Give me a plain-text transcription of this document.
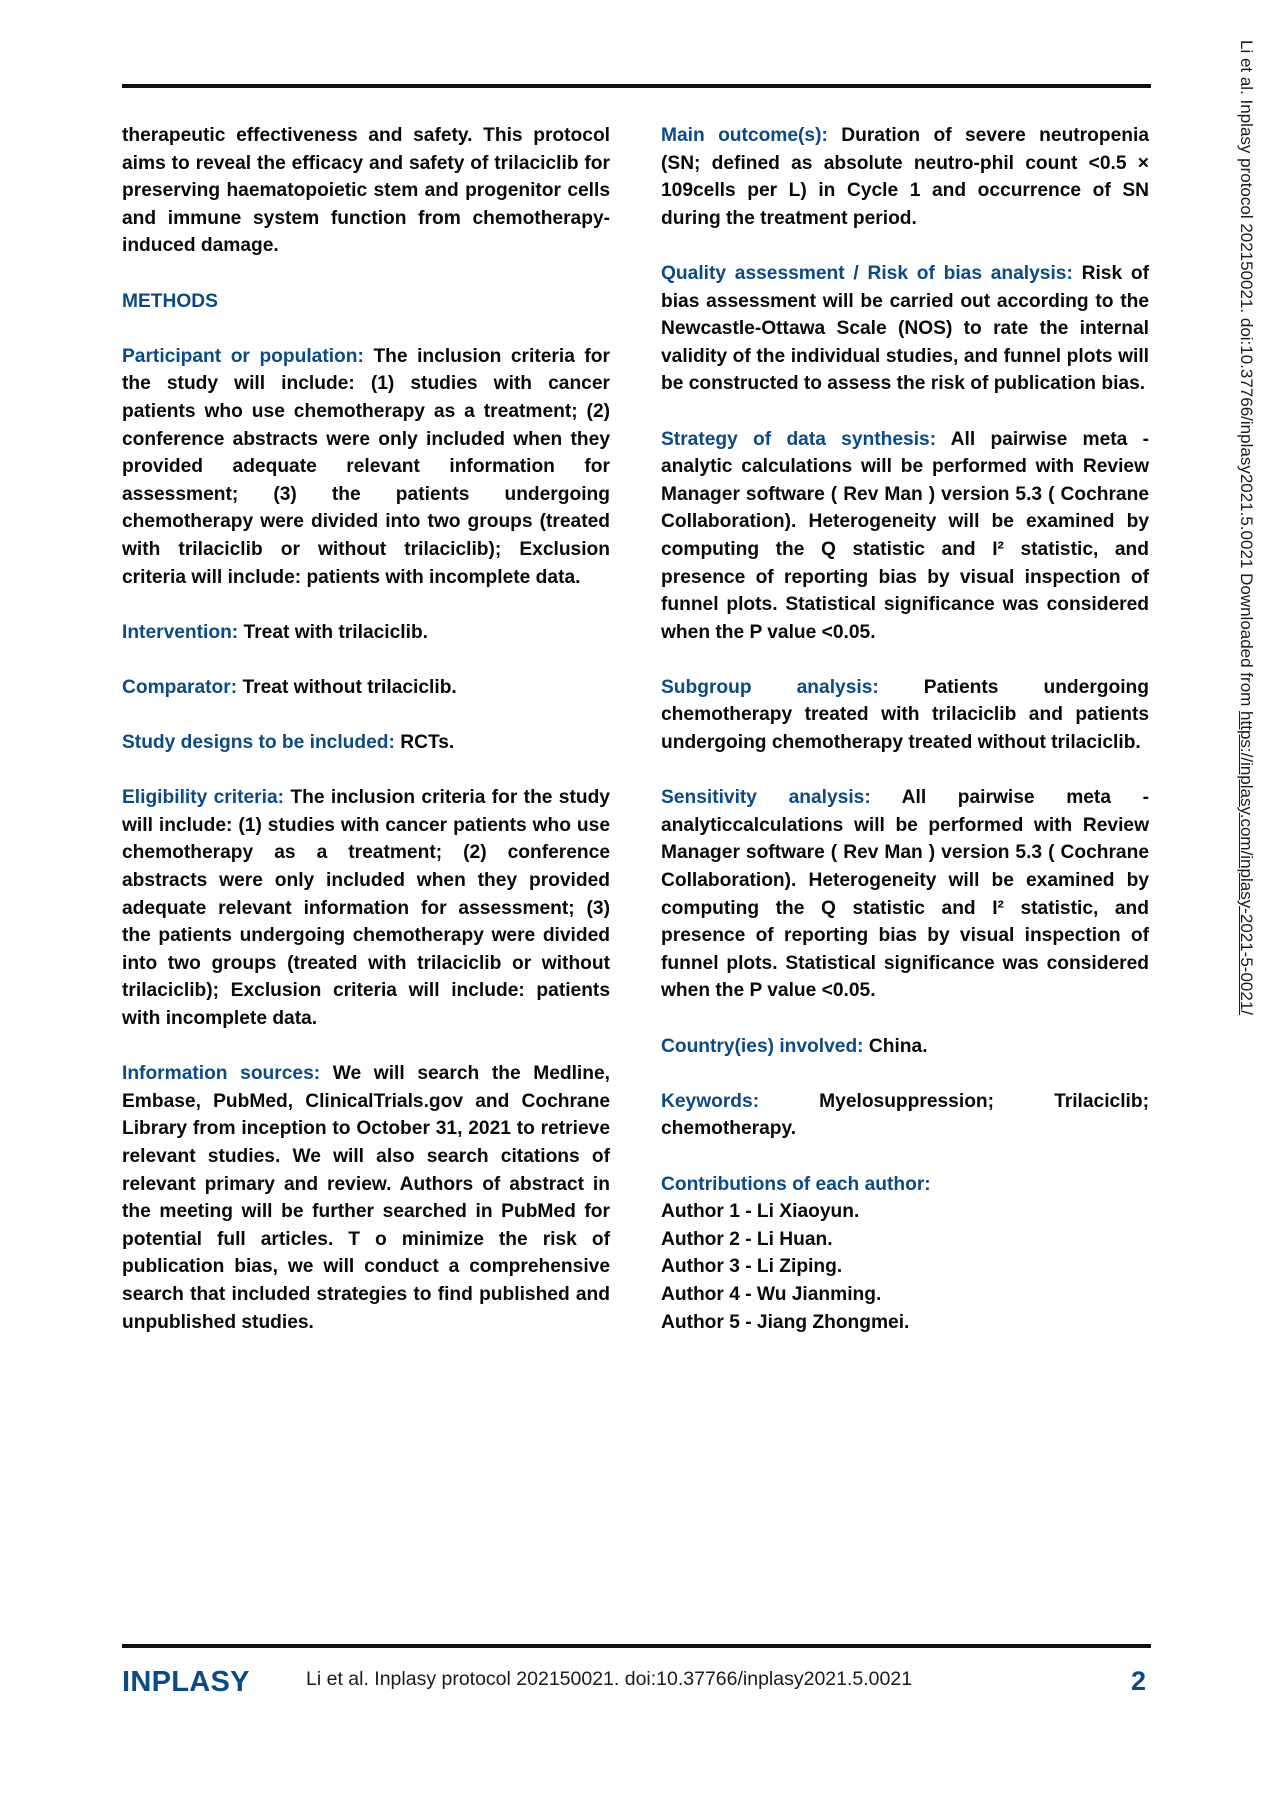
therapeutic effectiveness and safety. This protocol aims to reveal the efficacy and safety of trilaciclib for preserving haematopoietic stem and progenitor cells and immune system function from chemotherapy-induced damage.

METHODS

Participant or population: The inclusion criteria for the study will include: (1) studies with cancer patients who use chemotherapy as a treatment; (2) conference abstracts were only included when they provided adequate relevant information for assessment; (3) the patients undergoing chemotherapy were divided into two groups (treated with trilaciclib or without trilaciclib); Exclusion criteria will include: patients with incomplete data.

Intervention: Treat with trilaciclib.

Comparator: Treat without trilaciclib.

Study designs to be included: RCTs.

Eligibility criteria: The inclusion criteria for the study will include: (1) studies with cancer patients who use chemotherapy as a treatment; (2) conference abstracts were only included when they provided adequate relevant information for assessment; (3) the patients undergoing chemotherapy were divided into two groups (treated with trilaciclib or without trilaciclib); Exclusion criteria will include: patients with incomplete data.

Information sources: We will search the Medline, Embase, PubMed, ClinicalTrials.gov and Cochrane Library from inception to October 31, 2021 to retrieve relevant studies. We will also search citations of relevant primary and review. Authors of abstract in the meeting will be further searched in PubMed for potential full articles. T o minimize the risk of publication bias, we will conduct a comprehensive search that included strategies to find published and unpublished studies.

Main outcome(s): Duration of severe neutropenia (SN; defined as absolute neutro-phil count <0.5 × 109cells per L) in Cycle 1 and occurrence of SN during the treatment period.

Quality assessment / Risk of bias analysis: Risk of bias assessment will be carried out according to the Newcastle-Ottawa Scale (NOS) to rate the internal validity of the individual studies, and funnel plots will be constructed to assess the risk of publication bias.

Strategy of data synthesis: All pairwise meta - analytic calculations will be performed with Review Manager software ( Rev Man ) version 5.3 ( Cochrane Collaboration). Heterogeneity will be examined by computing the Q statistic and I² statistic, and presence of reporting bias by visual inspection of funnel plots. Statistical significance was considered when the P value <0.05.

Subgroup analysis: Patients undergoing chemotherapy treated with trilaciclib and patients undergoing chemotherapy treated without trilaciclib.

Sensitivity analysis: All pairwise meta - analyticcalculations will be performed with Review Manager software ( Rev Man ) version 5.3 ( Cochrane Collaboration). Heterogeneity will be examined by computing the Q statistic and I² statistic, and presence of reporting bias by visual inspection of funnel plots. Statistical significance was considered when the P value <0.05.

Country(ies) involved: China.

Keywords: Myelosuppression; Trilaciclib; chemotherapy.

Contributions of each author:
Author 1 - Li Xiaoyun.
Author 2 - Li Huan.
Author 3 - Li Ziping.
Author 4 - Wu Jianming.
Author 5 - Jiang Zhongmei.
Li et al. Inplasy protocol 202150021. doi:10.37766/inplasy2021.5.0021 Downloaded from https://inplasy.com/inplasy-2021-5-0021/
INPLASY	Li et al. Inplasy protocol 202150021. doi:10.37766/inplasy2021.5.0021	2
